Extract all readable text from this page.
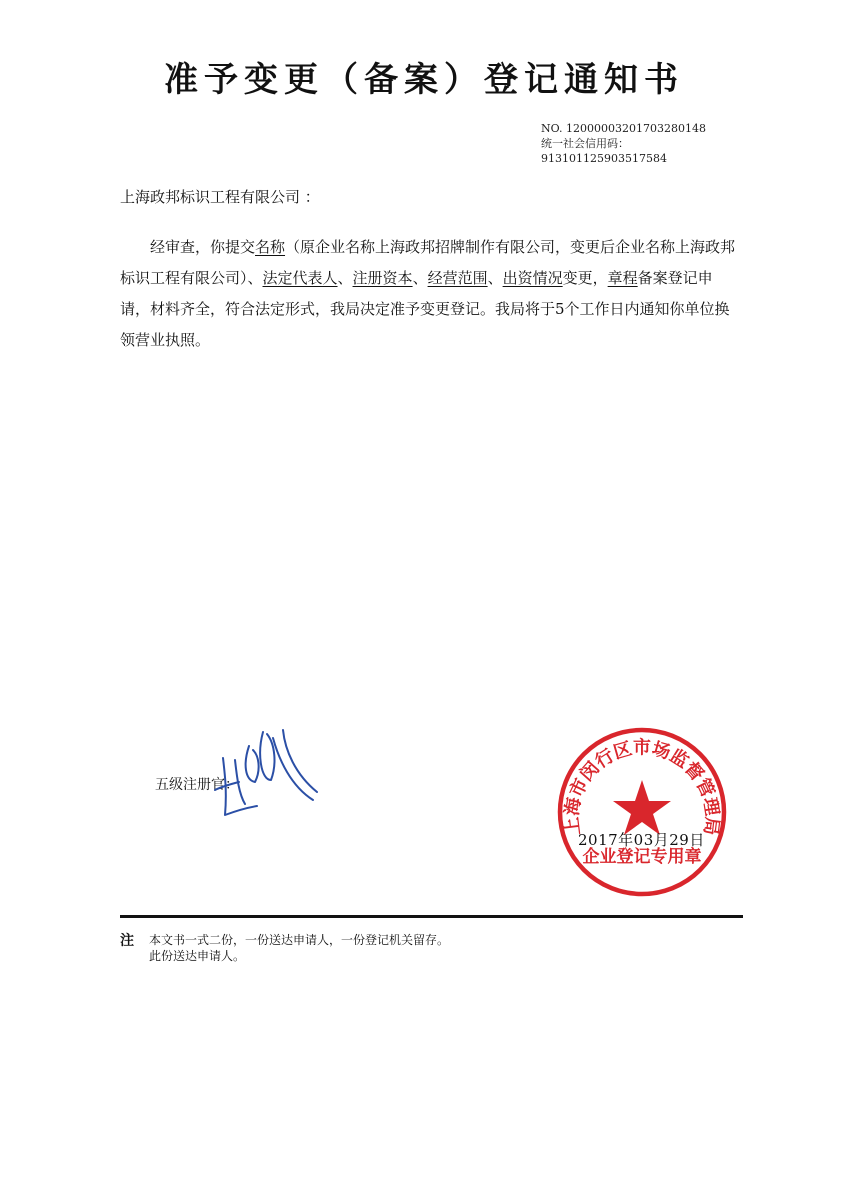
准予变更（备案）登记通知书
NO. 12000003201703280148
统一社会信用码：
913101125903517584
上海政邦标识工程有限公司 ：

经审查，你提交名称（原企业名称上海政邦招牌制作有限公司，变更后企业名称上海政邦标识工程有限公司）、法定代表人、注册资本、经营范围、出资情况变更，章程备案登记申请，材料齐全，符合法定形式，我局决定准予变更登记。我局将于5个工作日内通知你单位换领营业执照。

五级注册官：
上海市闵行区市场监督管理局
企业登记专用章
2017年03月29日
注 本文书一式二份，一份送达申请人，一份登记机关留存。
此份送达申请人。
